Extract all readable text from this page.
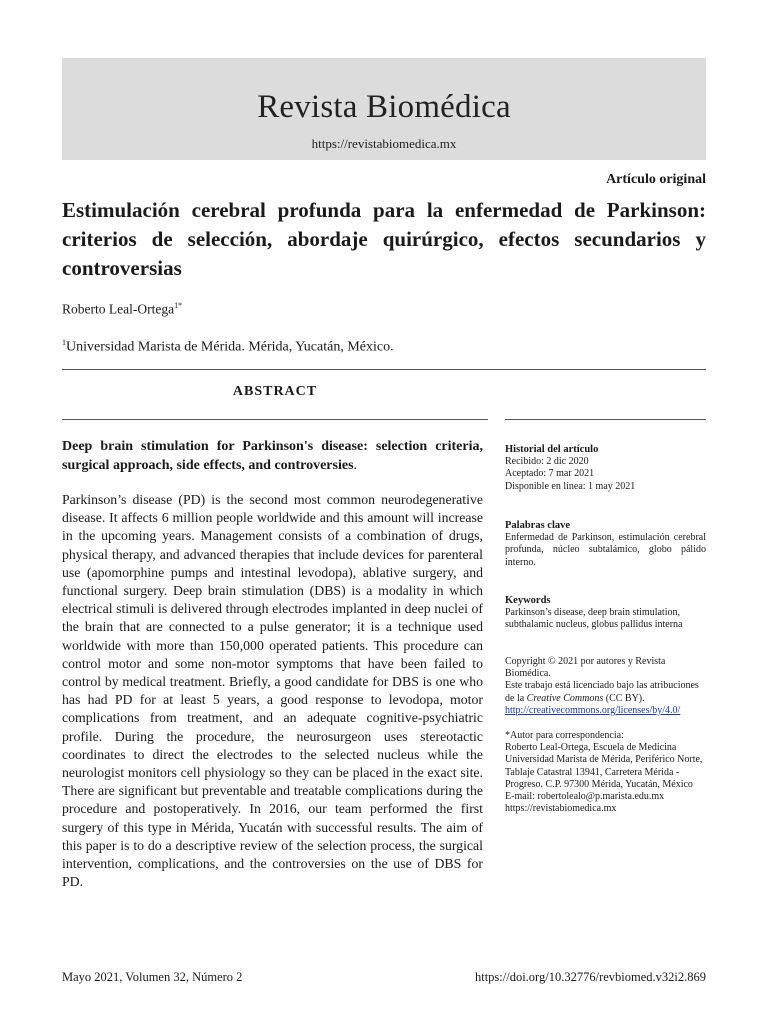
Revista Biomédica
https://revistabiomedica.mx
Artículo original
Estimulación cerebral profunda para la enfermedad de Parkinson: criterios de selección, abordaje quirúrgico, efectos secundarios y controversias
Roberto Leal-Ortega$^{1*}$
$^1$Universidad Marista de Mérida. Mérida, Yucatán, México.
ABSTRACT

Deep brain stimulation for Parkinson's disease: selection criteria, surgical approach, side effects, and controversies.

Parkinson’s disease (PD) is the second most common neurodegenerative disease. It affects 6 million people worldwide and this amount will increase in the upcoming years. Management consists of a combination of drugs, physical therapy, and advanced therapies that include devices for parenteral use (apomorphine pumps and intestinal levodopa), ablative surgery, and functional surgery. Deep brain stimulation (DBS) is a modality in which electrical stimuli is delivered through electrodes implanted in deep nuclei of the brain that are connected to a pulse generator; it is a technique used worldwide with more than 150,000 operated patients. This procedure can control motor and some non-motor symptoms that have been failed to control by medical treatment. Briefly, a good candidate for DBS is one who has had PD for at least 5 years, a good response to levodopa, motor complications from treatment, and an adequate cognitive-psychiatric profile. During the procedure, the neurosurgeon uses stereotactic coordinates to direct the electrodes to the selected nucleus while the neurologist monitors cell physiology so they can be placed in the exact site. There are significant but preventable and treatable complications during the procedure and postoperatively. In 2016, our team performed the first surgery of this type in Mérida, Yucatán with successful results. The aim of this paper is to do a descriptive review of the selection process, the surgical intervention, complications, and the controversies on the use of DBS for PD.

Historial del artículo
Recibido: 2 dic 2020
Aceptado: 7 mar 2021
Disponible en línea: 1 may 2021
Palabras clave
Enfermedad de Parkinson, estimulación cerebral profunda, núcleo subtalámico, globo pálido interno.
Keywords
Parkinson’s disease, deep brain stimulation, subthalamic nucleus, globus pallidus interna
Copyright © 2021 por autores y Revista Biomédica.
Este trabajo está licenciado bajo las atribuciones de la Creative Commons (CC BY).
http://creativecommons.org/licenses/by/4.0/
*Autor para correspondencia:
Roberto Leal-Ortega, Escuela de Medicina
Universidad Marista de Mérida, Periférico Norte,
Tablaje Catastral 13941, Carretera Mérida -
Progreso. C.P. 97300 Mérida, Yucatán, México
E-mail: robertolealo@p.marista.edu.mx
https://revistabiomedica.mx
Mayo 2021, Volumen 32, Número 2	https://doi.org/10.32776/revbiomed.v32i2.869
